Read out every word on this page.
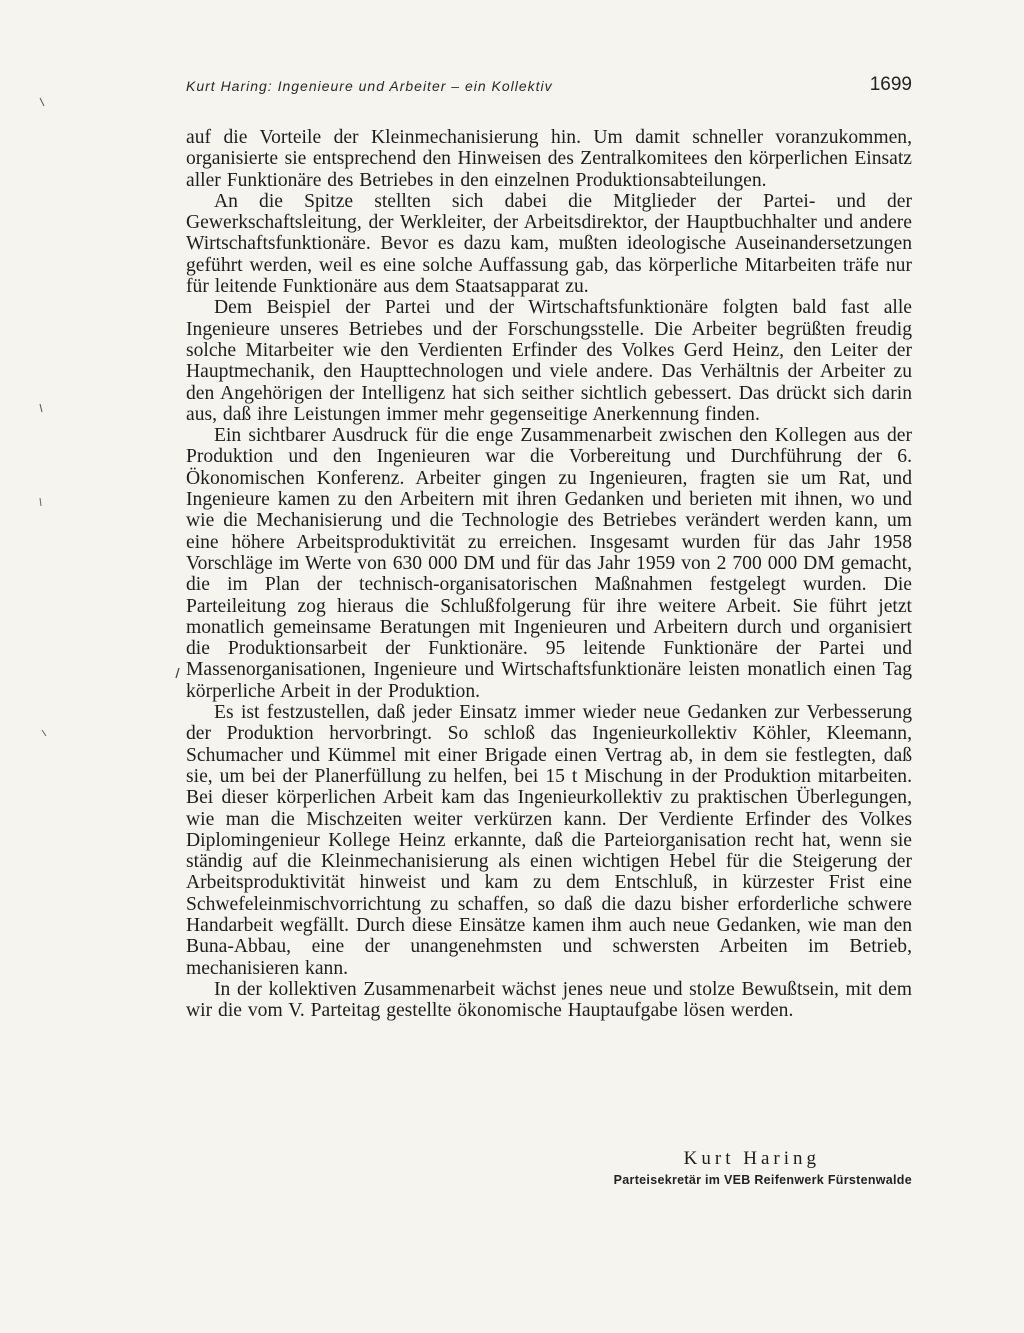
Kurt Haring: Ingenieure und Arbeiter – ein Kollektiv	1699

auf die Vorteile der Kleinmechanisierung hin. Um damit schneller voranzukommen, organisierte sie entsprechend den Hinweisen des Zentralkomitees den körperlichen Einsatz aller Funktionäre des Betriebes in den einzelnen Produktionsabteilungen.

An die Spitze stellten sich dabei die Mitglieder der Partei- und der Gewerkschaftsleitung, der Werkleiter, der Arbeitsdirektor, der Hauptbuchhalter und andere Wirtschaftsfunktionäre. Bevor es dazu kam, mußten ideologische Auseinandersetzungen geführt werden, weil es eine solche Auffassung gab, das körperliche Mitarbeiten träfe nur für leitende Funktionäre aus dem Staatsapparat zu.

Dem Beispiel der Partei und der Wirtschaftsfunktionäre folgten bald fast alle Ingenieure unseres Betriebes und der Forschungsstelle. Die Arbeiter begrüßten freudig solche Mitarbeiter wie den Verdienten Erfinder des Volkes Gerd Heinz, den Leiter der Hauptmechanik, den Haupttechnologen und viele andere. Das Verhältnis der Arbeiter zu den Angehörigen der Intelligenz hat sich seither sichtlich gebessert. Das drückt sich darin aus, daß ihre Leistungen immer mehr gegenseitige Anerkennung finden.

Ein sichtbarer Ausdruck für die enge Zusammenarbeit zwischen den Kollegen aus der Produktion und den Ingenieuren war die Vorbereitung und Durchführung der 6. Ökonomischen Konferenz. Arbeiter gingen zu Ingenieuren, fragten sie um Rat, und Ingenieure kamen zu den Arbeitern mit ihren Gedanken und berieten mit ihnen, wo und wie die Mechanisierung und die Technologie des Betriebes verändert werden kann, um eine höhere Arbeitsproduktivität zu erreichen. Insgesamt wurden für das Jahr 1958 Vorschläge im Werte von 630 000 DM und für das Jahr 1959 von 2 700 000 DM gemacht, die im Plan der technisch-organisatorischen Maßnahmen festgelegt wurden. Die Parteileitung zog hieraus die Schlußfolgerung für ihre weitere Arbeit. Sie führt jetzt monatlich gemeinsame Beratungen mit Ingenieuren und Arbeitern durch und organisiert die Produktionsarbeit der Funktionäre. 95 leitende Funktionäre der Partei und Massenorganisationen, Ingenieure und Wirtschaftsfunktionäre leisten monatlich einen Tag körperliche Arbeit in der Produktion.

Es ist festzustellen, daß jeder Einsatz immer wieder neue Gedanken zur Verbesserung der Produktion hervorbringt. So schloß das Ingenieurkollektiv Köhler, Kleemann, Schumacher und Kümmel mit einer Brigade einen Vertrag ab, in dem sie festlegten, daß sie, um bei der Planerfüllung zu helfen, bei 15 t Mischung in der Produktion mitarbeiten. Bei dieser körperlichen Arbeit kam das Ingenieurkollektiv zu praktischen Überlegungen, wie man die Mischzeiten weiter verkürzen kann. Der Verdiente Erfinder des Volkes Diplomingenieur Kollege Heinz erkannte, daß die Parteiorganisation recht hat, wenn sie ständig auf die Kleinmechanisierung als einen wichtigen Hebel für die Steigerung der Arbeitsproduktivität hinweist und kam zu dem Entschluß, in kürzester Frist eine Schwefeleinmischvorrichtung zu schaffen, so daß die dazu bisher erforderliche schwere Handarbeit wegfällt. Durch diese Einsätze kamen ihm auch neue Gedanken, wie man den Buna-Abbau, eine der unangenehmsten und schwersten Arbeiten im Betrieb, mechanisieren kann.

In der kollektiven Zusammenarbeit wächst jenes neue und stolze Bewußtsein, mit dem wir die vom V. Parteitag gestellte ökonomische Hauptaufgabe lösen werden.

Kurt Haring
Parteisekretär im VEB Reifenwerk Fürstenwalde
